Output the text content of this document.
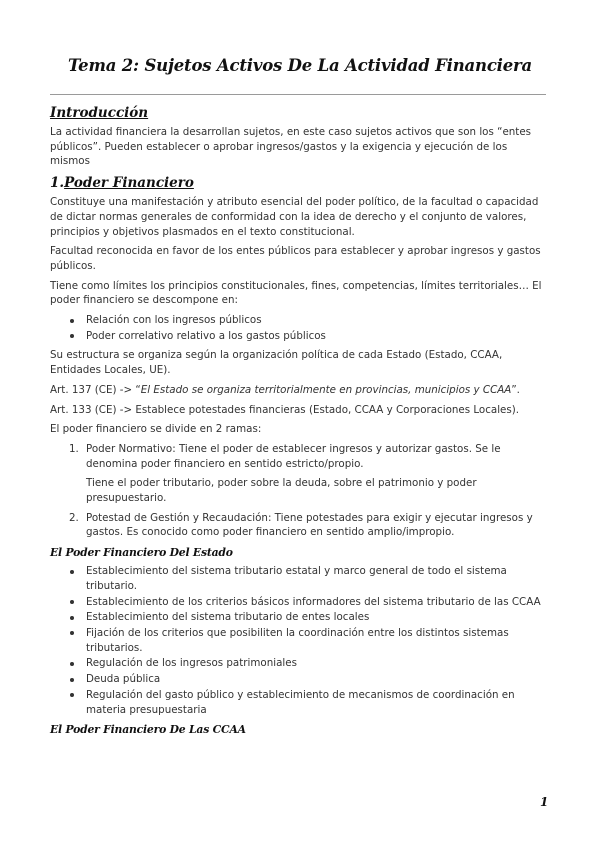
Tema 2: Sujetos Activos De La Actividad Financiera
Introducción

La actividad financiera la desarrollan sujetos, en este caso sujetos activos que son los “entes públicos”. Pueden establecer o aprobar ingresos/gastos y la exigencia y ejecución de los mismos

1.Poder Financiero

Constituye una manifestación y atributo esencial del poder político, de la facultad o capacidad de dictar normas generales de conformidad con la idea de derecho y el conjunto de valores, principios y objetivos plasmados en el texto constitucional.

Facultad reconocida en favor de los entes públicos para establecer y aprobar ingresos y gastos públicos.

Tiene como límites los principios constitucionales, fines, competencias, límites territoriales… El poder financiero se descompone en:

Relación con los ingresos públicos
Poder correlativo relativo a los gastos públicos

Su estructura se organiza según la organización política de cada Estado (Estado, CCAA, Entidades Locales, UE).

Art. 137 (CE) -> “El Estado se organiza territorialmente en provincias, municipios y CCAA”.

Art. 133 (CE) -> Establece potestades financieras (Estado, CCAA y Corporaciones Locales).

El poder financiero se divide en 2 ramas:

1. Poder Normativo: Tiene el poder de establecer ingresos y autorizar gastos. Se le denomina poder financiero en sentido estricto/propio.

Tiene el poder tributario, poder sobre la deuda, sobre el patrimonio y poder presupuestario.

2. Potestad de Gestión y Recaudación: Tiene potestades para exigir y ejecutar ingresos y gastos. Es conocido como poder financiero en sentido amplio/impropio.

El Poder Financiero Del Estado
Establecimiento del sistema tributario estatal y marco general de todo el sistema tributario.
Establecimiento de los criterios básicos informadores del sistema tributario de las CCAA
Establecimiento del sistema tributario de entes locales
Fijación de los criterios que posibiliten la coordinación entre los distintos sistemas tributarios.
Regulación de los ingresos patrimoniales
Deuda pública
Regulación del gasto público y establecimiento de mecanismos de coordinación en materia presupuestaria
El Poder Financiero De Las CCAA
1
